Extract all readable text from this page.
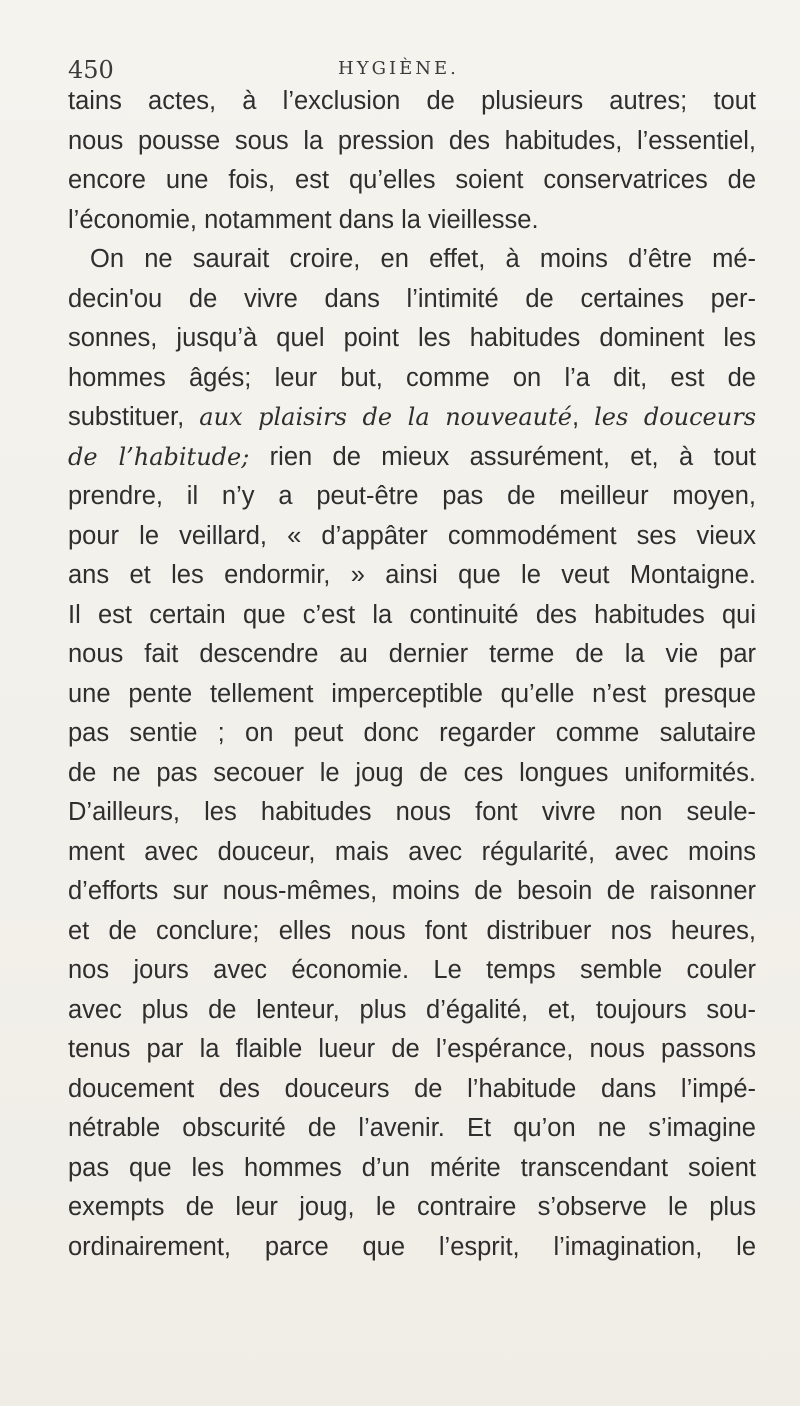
450	HYGIÈNE.
tains actes, à l’exclusion de plusieurs autres; tout
nous pousse sous la pression des habitudes, l’essentiel,
encore une fois, est qu’elles soient conservatrices de
l’économie, notamment dans la vieillesse.
On ne saurait croire, en effet, à moins d’être mé-
decin'ou de vivre dans l’intimité de certaines per-
sonnes, jusqu’à quel point les habitudes dominent les
hommes âgés; leur but, comme on l’a dit, est de
substituer, aux plaisirs de la nouveauté, les douceurs
de l’habitude; rien de mieux assurément, et, à tout
prendre, il n’y a peut-être pas de meilleur moyen,
pour le veillard, « d’appâter commodément ses vieux
ans et les endormir, » ainsi que le veut Montaigne.
Il est certain que c’est la continuité des habitudes qui
nous fait descendre au dernier terme de la vie par
une pente tellement imperceptible qu’elle n’est presque
pas sentie ; on peut donc regarder comme salutaire
de ne pas secouer le joug de ces longues uniformités.
D’ailleurs, les habitudes nous font vivre non seule-
ment avec douceur, mais avec régularité, avec moins
d’efforts sur nous-mêmes, moins de besoin de raisonner
et de conclure; elles nous font distribuer nos heures,
nos jours avec économie. Le temps semble couler
avec plus de lenteur, plus d’égalité, et, toujours sou-
tenus par la flaible lueur de l’espérance, nous passons
doucement des douceurs de l’habitude dans l’impé-
nétrable obscurité de l’avenir. Et qu’on ne s’imagine
pas que les hommes d’un mérite transcendant soient
exempts de leur joug, le contraire s’observe le plus
ordinairement, parce que l’esprit, l’imagination, le
